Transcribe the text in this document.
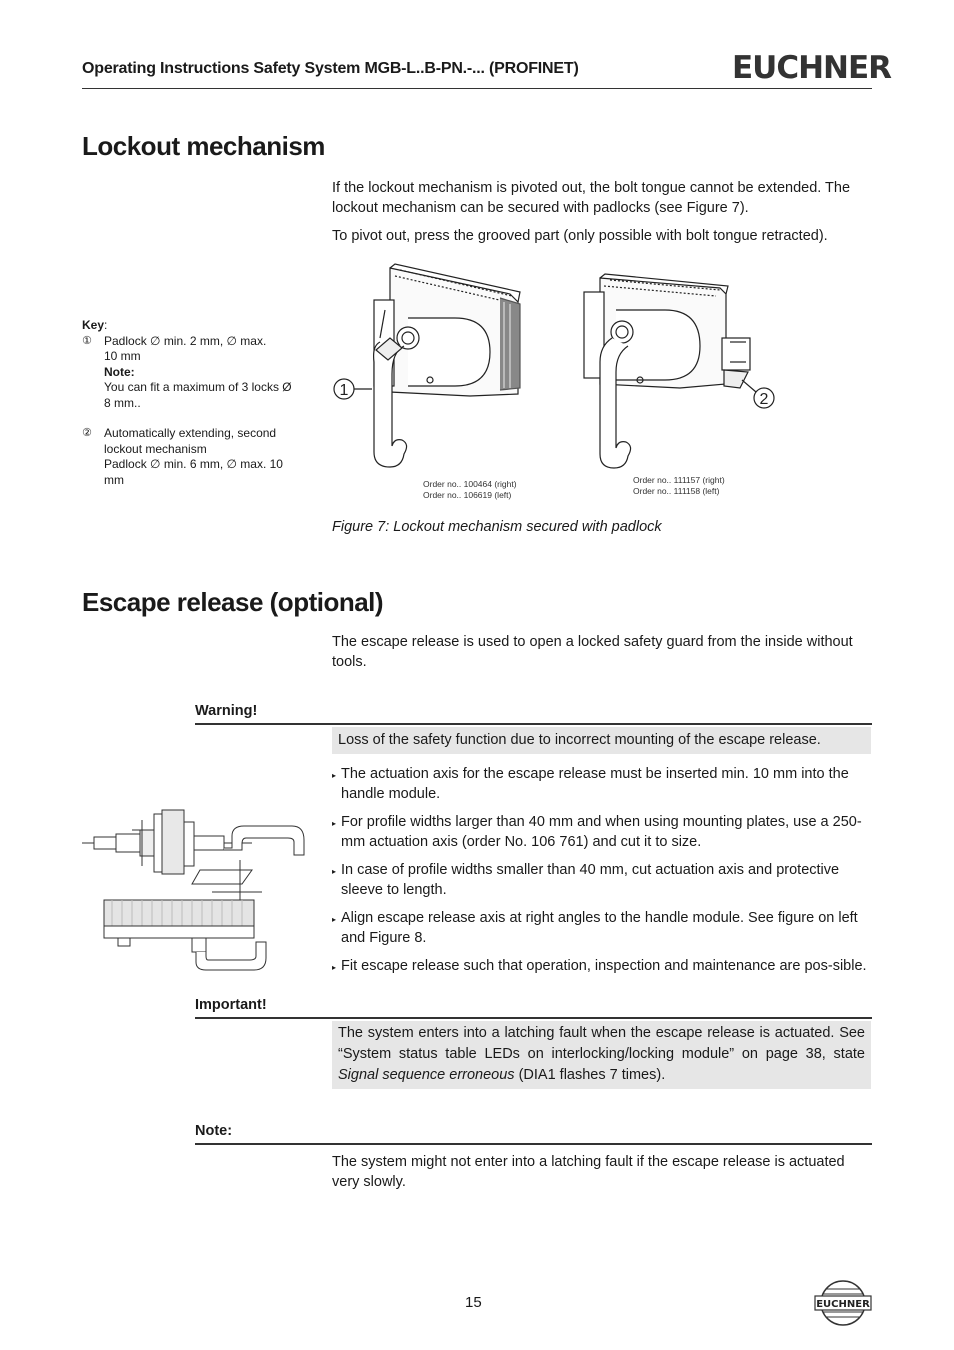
Operating Instructions Safety System MGB-L..B-PN.-... (PROFINET)	EUCHNER
Lockout mechanism

If the lockout mechanism is pivoted out, the bolt tongue cannot be extended. The lockout mechanism can be secured with padlocks (see Figure 7).

To pivot out, press the grooved part (only possible with bolt tongue retracted).

Key:
①	Padlock ∅ min. 2 mm, ∅ max.
10 mm
Note:
You can fit a maximum of 3 locks Ø 8 mm..
②	Automatically extending, second lockout mechanism
Padlock ∅ min. 6 mm, ∅ max. 10 mm
1
2
Order no.. 100464 (right)
Order no.. 106619 (left)
Order no.. 111157 (right)
Order no.. 111158 (left)
Figure 7: Lockout mechanism secured with padlock
Escape release (optional)

The escape release is used to open a locked safety guard from the inside without tools.

Warning!
Loss of the safety function due to incorrect mounting of the escape release.
▸ The actuation axis for the escape release must be inserted min. 10 mm into the handle module.
▸ For profile widths larger than 40 mm and when using mounting plates, use a 250-mm actuation axis (order No. 106 761) and cut it to size.
▸ In case of profile widths smaller than 40 mm, cut actuation axis and protective sleeve to length.
▸ Align escape release axis at right angles to the handle module. See figure on left and Figure 8.
▸ Fit escape release such that operation, inspection and maintenance are pos-sible.
Important!
The system enters into a latching fault when the escape release is actuated. See “System status table LEDs on interlocking/locking module” on page 38, state Signal sequence erroneous (DIA1 flashes 7 times).
Note:

The system might not enter into a latching fault if the escape release is actuated very slowly.

15	EUCHNER
